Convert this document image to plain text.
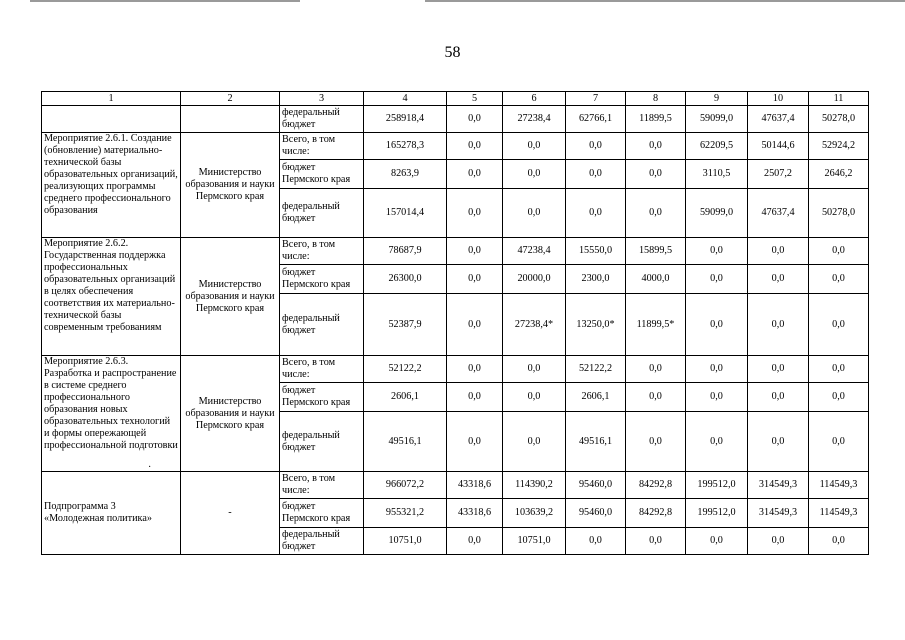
58
1	2	3	4	5	6	7	8	9	10	11
		федеральный бюджет	258918,4	0,0	27238,4	62766,1	11899,5	59099,0	47637,4	50278,0
Мероприятие 2.6.1. Создание (обновление) материально-технической базы образовательных организаций, реализующих программы среднего профессионального образования	Министерство образования и науки Пермского края	Всего, в том числе:	165278,3	0,0	0,0	0,0	0,0	62209,5	50144,6	52924,2
		бюджет Пермского края	8263,9	0,0	0,0	0,0	0,0	3110,5	2507,2	2646,2
		федеральный бюджет	157014,4	0,0	0,0	0,0	0,0	59099,0	47637,4	50278,0
Мероприятие 2.6.2. Государственная поддержка профессиональных образовательных организаций в целях обеспечения соответствия их материально-технической базы современным требованиям	Министерство образования и науки Пермского края	Всего, в том числе:	78687,9	0,0	47238,4	15550,0	15899,5	0,0	0,0	0,0
		бюджет Пермского края	26300,0	0,0	20000,0	2300,0	4000,0	0,0	0,0	0,0
		федеральный бюджет	52387,9	0,0	27238,4*	13250,0*	11899,5*	0,0	0,0	0,0
Мероприятие 2.6.3. Разработка и распространение в системе среднего профессионального образования новых образовательных технологий и формы опережающей профессиональной подготовки	Министерство образования и науки Пермского края	Всего, в том числе:	52122,2	0,0	0,0	52122,2	0,0	0,0	0,0	0,0
		бюджет Пермского края	2606,1	0,0	0,0	2606,1	0,0	0,0	0,0	0,0
		федеральный бюджет	49516,1	0,0	0,0	49516,1	0,0	0,0	0,0	0,0
Подпрограмма 3 «Молодежная политика»	-	Всего, в том числе:	966072,2	43318,6	114390,2	95460,0	84292,8	199512,0	314549,3	114549,3
		бюджет Пермского края	955321,2	43318,6	103639,2	95460,0	84292,8	199512,0	314549,3	114549,3
		федеральный бюджет	10751,0	0,0	10751,0	0,0	0,0	0,0	0,0	0,0
·
